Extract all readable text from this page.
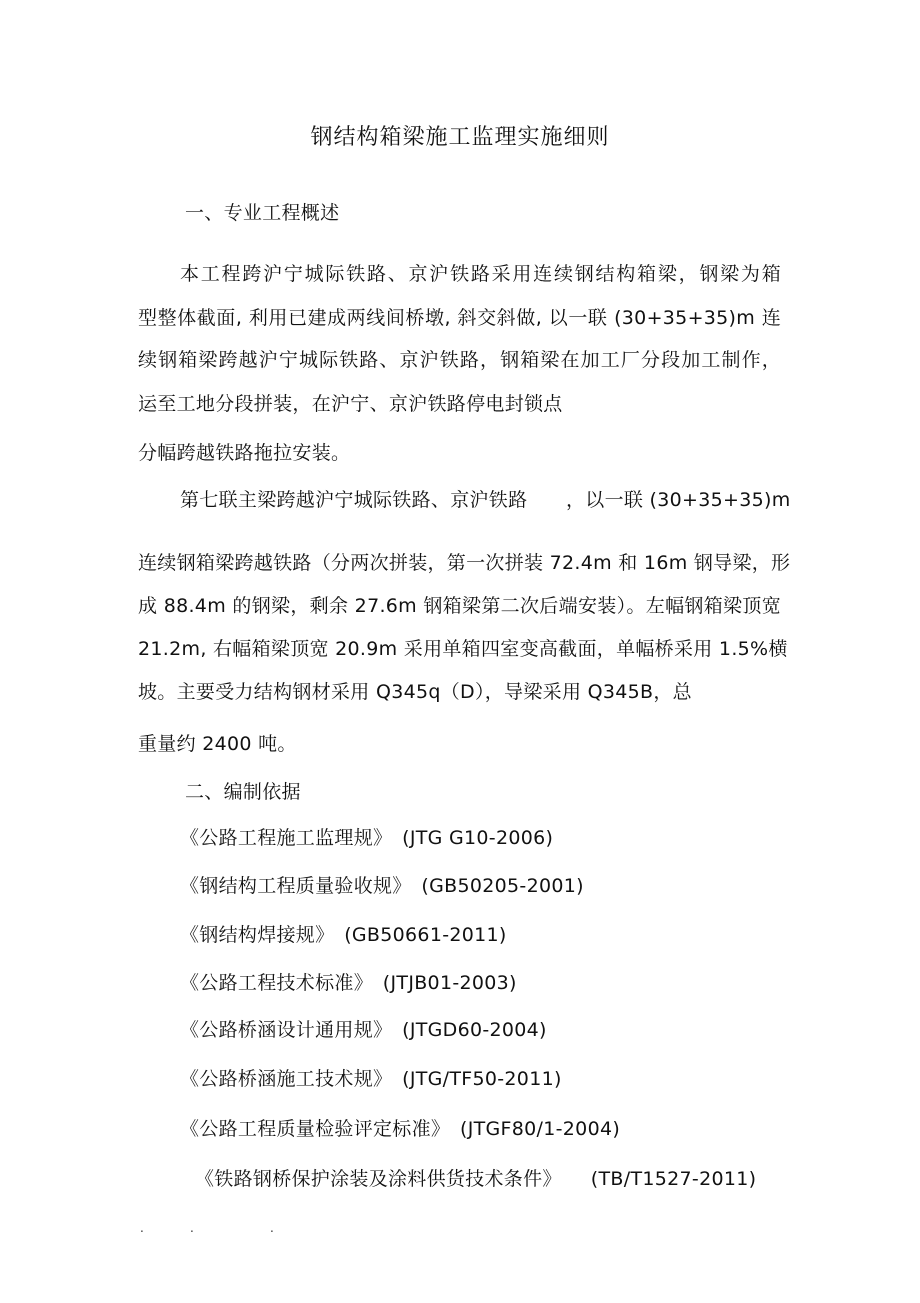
钢结构箱梁施工监理实施细则
一、专业工程概述
本工程跨沪宁城际铁路、京沪铁路采用连续钢结构箱梁，钢梁为箱
型整体截面, 利用已建成两线间桥墩, 斜交斜做, 以一联 (30+35+35)m 连
续钢箱梁跨越沪宁城际铁路、京沪铁路，钢箱梁在加工厂分段加工制作，
运至工地分段拼装，在沪宁、京沪铁路停电封锁点
分幅跨越铁路拖拉安装。
第七联主梁跨越沪宁城际铁路、京沪铁路　　，以一联 (30+35+35)m
连续钢箱梁跨越铁路（分两次拼装，第一次拼装 72.4m 和 16m 钢导梁，形
成 88.4m 的钢梁，剩余 27.6m 钢箱梁第二次后端安装）。左幅钢箱梁顶宽
21.2m, 右幅箱梁顶宽 20.9m 采用单箱四室变高截面，单幅桥采用 1.5%横
坡。主要受力结构钢材采用 Q345q（D），导梁采用 Q345B，总
重量约 2400 吨。
二、编制依据
《公路工程施工监理规》　(JTG G10-2006)
《钢结构工程质量验收规》　(GB50205-2001)
《钢结构焊接规》　(GB50661-2011)
《公路工程技术标准》　(JTJB01-2003)
《公路桥涵设计通用规》　(JTGD60-2004)
《公路桥涵施工技术规》　(JTG/TF50-2011)
《公路工程质量检验评定标准》　(JTGF80/1-2004)
《铁路钢桥保护涂装及涂料供货技术条件》　　(TB/T1527-2011)
.	.	.
